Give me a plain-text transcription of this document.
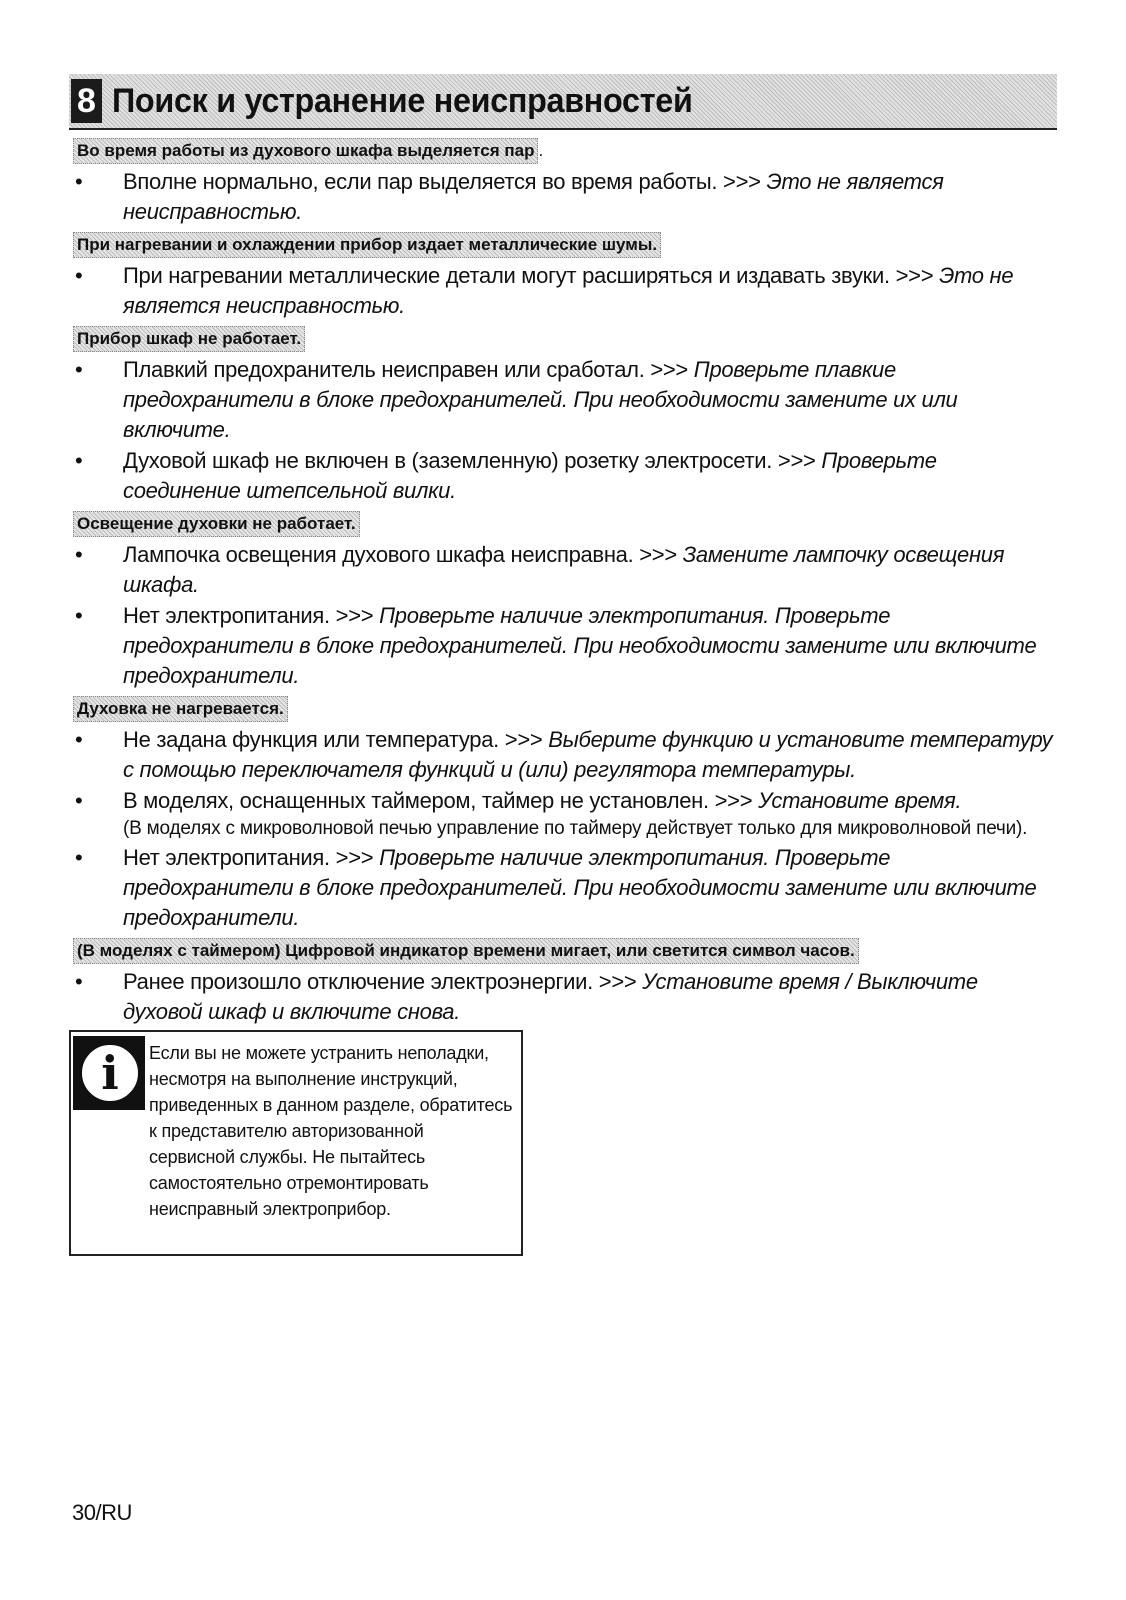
8 Поиск и устранение неисправностей
Во время работы из духового шкафа выделяется пар .
•	Вполне нормально, если пар выделяется во время работы. >>> Это не является неисправностью.
При нагревании и охлаждении прибор издает металлические шумы.
•	При нагревании металлические детали могут расширяться и издавать звуки. >>> Это не является неисправностью.
Прибор шкаф не работает.
•	Плавкий предохранитель неисправен или сработал. >>> Проверьте плавкие предохранители в блоке предохранителей. При необходимости замените их или включите.
•	Духовой шкаф не включен в (заземленную) розетку электросети. >>> Проверьте соединение штепсельной вилки.
Освещение духовки не работает.
•	Лампочка освещения духового шкафа неисправна. >>> Замените лампочку освещения шкафа.
•	Нет электропитания. >>> Проверьте наличие электропитания. Проверьте предохранители в блоке предохранителей. При необходимости замените или включите предохранители.
Духовка не нагревается.
•	Не задана функция или температура. >>> Выберите функцию и установите температуру с помощью переключателя функций и (или) регулятора температуры.
•	В моделях, оснащенных таймером, таймер не установлен. >>> Установите время.
(В моделях с микроволновой печью управление по таймеру действует только для микроволновой печи).
•	Нет электропитания. >>> Проверьте наличие электропитания. Проверьте предохранители в блоке предохранителей. При необходимости замените или включите предохранители.
(В моделях с таймером) Цифровой индикатор времени мигает, или светится символ часов.
•	Ранее произошло отключение электроэнергии. >>> Установите время / Выключите духовой шкаф и включите снова.
i	Если вы не можете устранить неполадки, несмотря на выполнение инструкций, приведенных в данном разделе, обратитесь к представителю авторизованной сервисной службы. Не пытайтесь самостоятельно отремонтировать неисправный электроприбор.
30/RU
